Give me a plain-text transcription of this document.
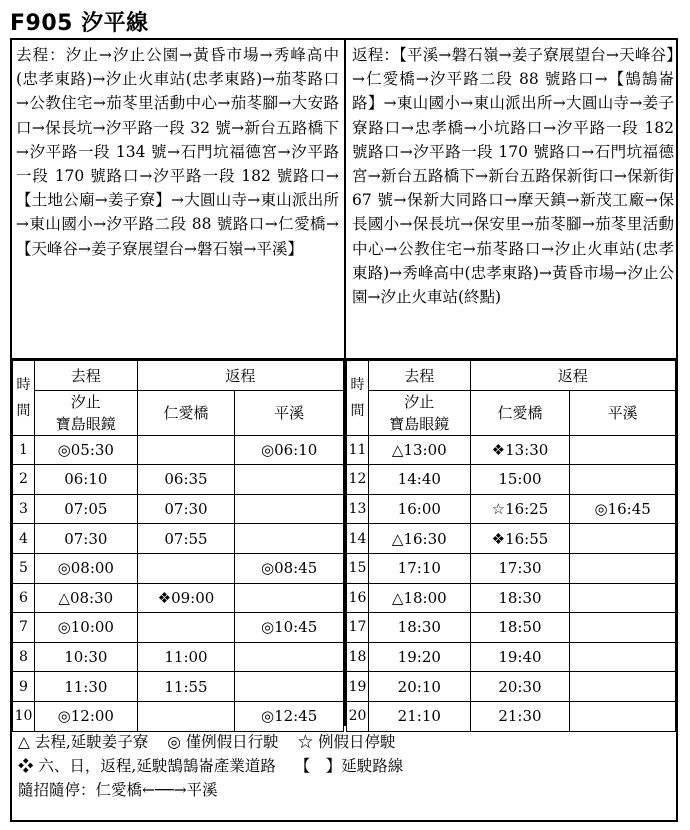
F905 汐平線
去程：汐止→汐止公園→黃昏市場→秀峰高中(忠孝東路)→汐止火車站(忠孝東路)→茄苳路口→公教住宅→茄苳里活動中心→茄苳腳→大安路口→保長坑→汐平路一段 32 號→新台五路橋下→汐平路一段 134 號→石門坑福德宮→汐平路一段 170 號路口→汐平路一段 182 號路口→【土地公廟→姜子寮】→大圓山寺→東山派出所→東山國小→汐平路二段 88 號路口→仁愛橋→【天峰谷→姜子寮展望台→磐石嶺→平溪】
返程：【平溪→磐石嶺→姜子寮展望台→天峰谷】→仁愛橋→汐平路二段 88 號路口→【鵠鵠崙路】→東山國小→東山派出所→大圓山寺→姜子寮路口→忠孝橋→小坑路口→汐平路一段 182 號路口→汐平路一段 170 號路口→石門坑福德宮→新台五路橋下→新台五路保新街口→保新街 67 號→保新大同路口→摩天鎮→新茂工廠→保長國小→保長坑→保安里→茄苳腳→茄苳里活動中心→公教住宅→茄苳路口→汐止火車站(忠孝東路)→秀峰高中(忠孝東路)→黃昏市場→汐止公園→汐止火車站(終點)
時
間	去程	返程	
	汐止
寶島眼鏡	仁愛橋	平溪
1	◎05:30		◎06:10
2	06:10	06:35	
3	07:05	07:30	
4	07:30	07:55	
5	◎08:00		◎08:45
6	△08:30	❖09:00	
7	◎10:00		◎10:45
8	10:30	11:00	
9	11:30	11:55	
10	◎12:00		◎12:45
時
間	去程	返程	
	汐止
寶島眼鏡	仁愛橋	平溪
11	△13:00	❖13:30	
12	14:40	15:00	
13	16:00	☆16:25	◎16:45
14	△16:30	❖16:55	
15	17:10	17:30	
16	△18:00	18:30	
17	18:30	18:50	
18	19:20	19:40	
19	20:10	20:30	
20	21:10	21:30	
△ 去程,延駛姜子寮 ◎ 僅例假日行駛 ☆ 例假日停駛
❖ 六、日，返程,延駛鵠鵠崙產業道路 【　】延駛路線
隨招隨停：仁愛橋←──→平溪
